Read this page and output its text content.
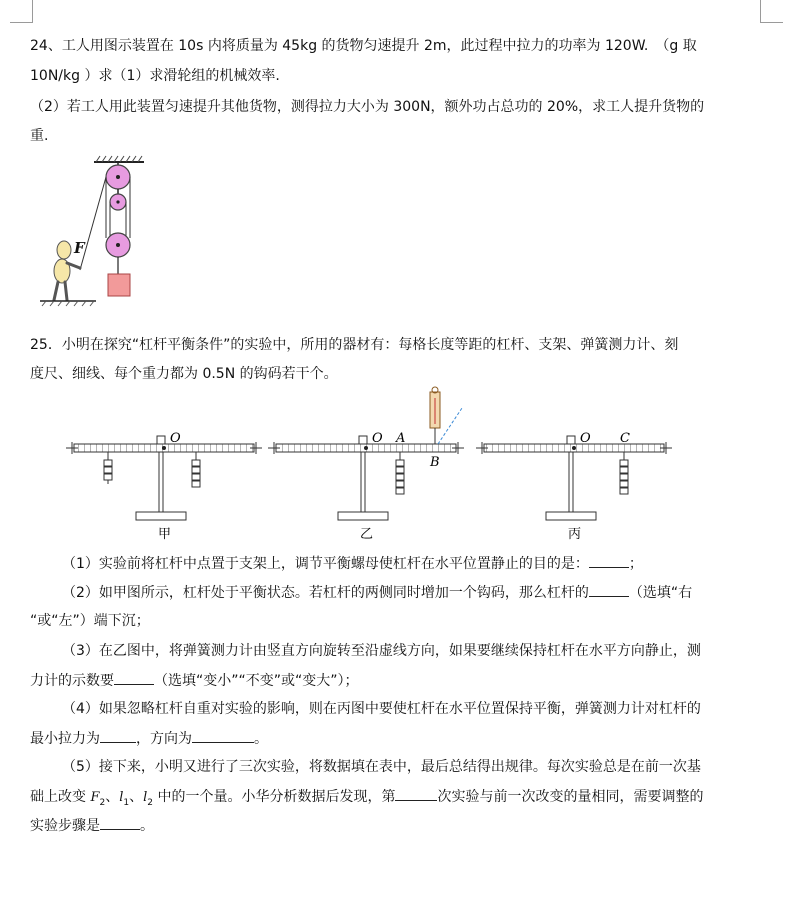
24、工人用图示装置在 10s 内将质量为 45kg 的货物匀速提升 2m，此过程中拉力的功率为 120W.　（g 取
10N/kg ）求（1）求滑轮组的机械效率.
（2）若工人用此装置匀速提升其他货物，测得拉力大小为 300N，额外功占总功的 20%，求工人提升货物的
重.
F
25．小明在探究“杠杆平衡条件”的实验中，所用的器材有：每格长度等距的杠杆、支架、弹簧测力计、刻
度尺、细线、每个重力都为 0.5N 的钩码若干个。
O
甲
O A
B
乙
O C
丙
（1）实验前将杠杆中点置于支架上，调节平衡螺母使杠杆在水平位置静止的目的是：	；
（2）如甲图所示，杠杆处于平衡状态。若杠杆的两侧同时增加一个钩码，那么杠杆的	（选填“右
“或“左”）端下沉；
（3）在乙图中，将弹簧测力计由竖直方向旋转至沿虚线方向，如果要继续保持杠杆在水平方向静止，测
力计的示数要	（选填“变小”“不变”或“变大”）；
（4）如果忽略杠杆自重对实验的影响，则在丙图中要使杠杆在水平位置保持平衡，弹簧测力计对杠杆的
最小拉力为	，方向为	。
（5）接下来，小明又进行了三次实验，将数据填在表中，最后总结得出规律。每次实验总是在前一次基
础上改变 $F_2$、$l_1$、$l_2$ 中的一个量。小华分析数据后发现，第	次实验与前一次改变的量相同，需要调整的
实验步骤是	。
